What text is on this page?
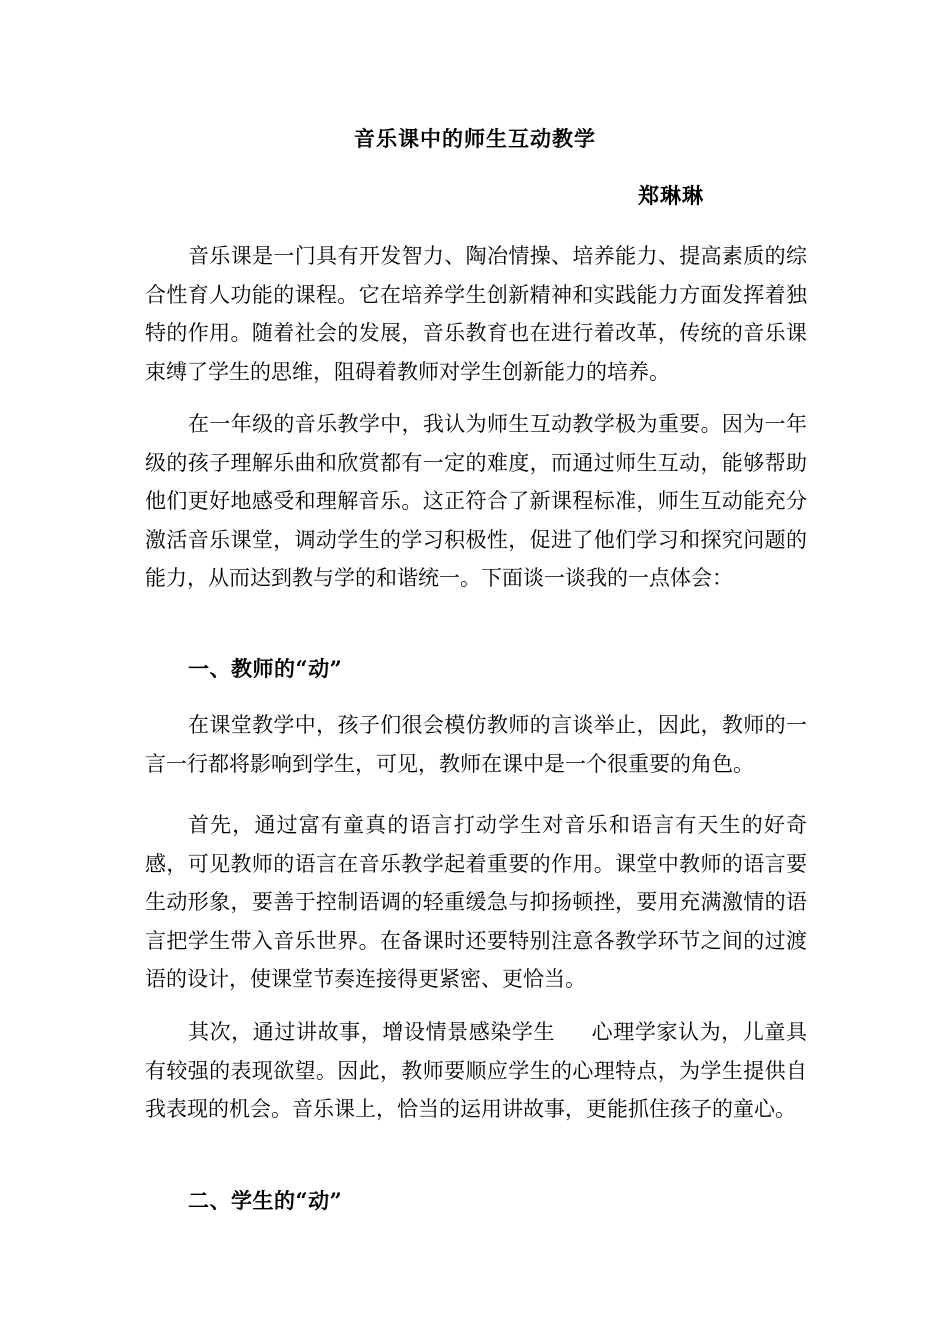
音乐课中的师生互动教学
郑琳琳

音乐课是一门具有开发智力、陶冶情操、培养能力、提高素质的综合性育人功能的课程。它在培养学生创新精神和实践能力方面发挥着独特的作用。随着社会的发展，音乐教育也在进行着改革，传统的音乐课束缚了学生的思维，阻碍着教师对学生创新能力的培养。

在一年级的音乐教学中，我认为师生互动教学极为重要。因为一年级的孩子理解乐曲和欣赏都有一定的难度，而通过师生互动，能够帮助他们更好地感受和理解音乐。这正符合了新课程标准，师生互动能充分激活音乐课堂，调动学生的学习积极性，促进了他们学习和探究问题的能力，从而达到教与学的和谐统一。下面谈一谈我的一点体会：

一、教师的“动”

在课堂教学中，孩子们很会模仿教师的言谈举止，因此，教师的一言一行都将影响到学生，可见，教师在课中是一个很重要的角色。

首先，通过富有童真的语言打动学生对音乐和语言有天生的好奇感，可见教师的语言在音乐教学起着重要的作用。课堂中教师的语言要生动形象，要善于控制语调的轻重缓急与抑扬顿挫，要用充满激情的语言把学生带入音乐世界。在备课时还要特别注意各教学环节之间的过渡语的设计，使课堂节奏连接得更紧密、更恰当。

其次，通过讲故事，增设情景感染学生 心理学家认为，儿童具有较强的表现欲望。因此，教师要顺应学生的心理特点，为学生提供自我表现的机会。音乐课上，恰当的运用讲故事，更能抓住孩子的童心。

二、学生的“动”
